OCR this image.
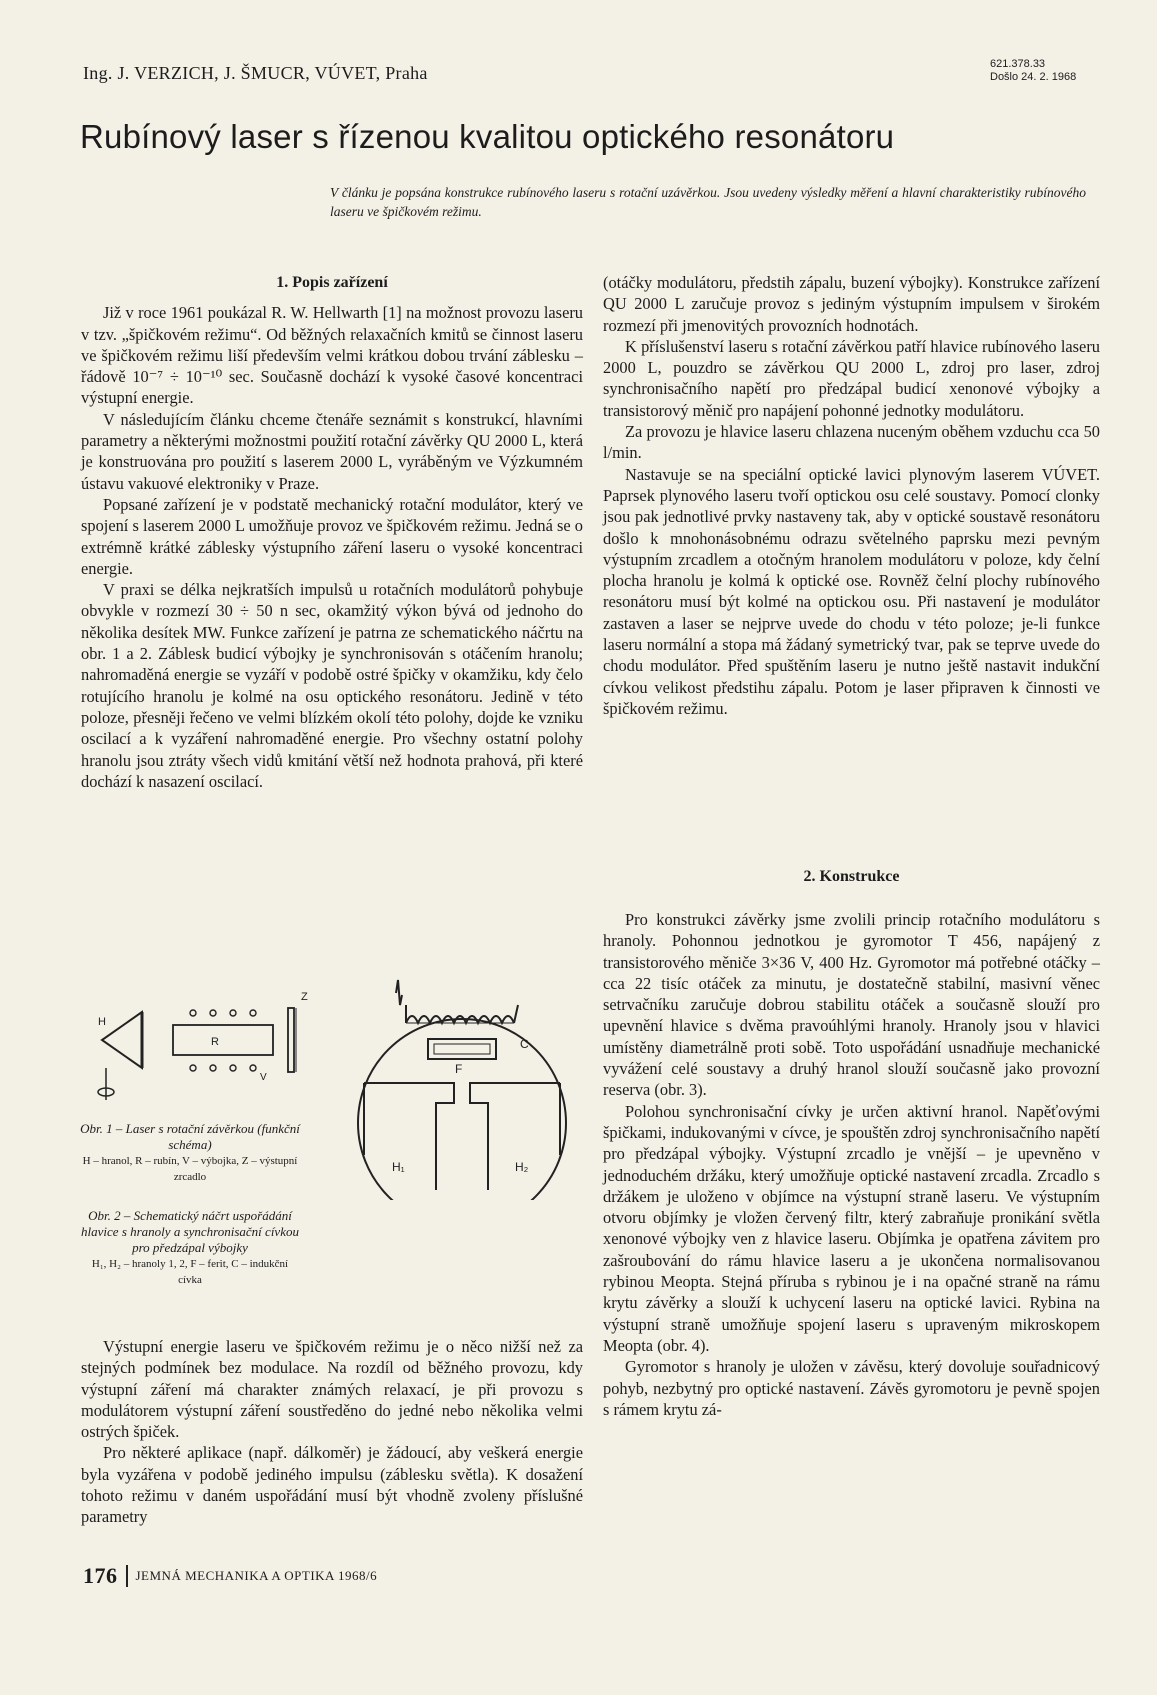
Ing. J. VERZICH, J. ŠMUCR, VÚVET, Praha	621.378.33
Došlo 24. 2. 1968
Rubínový laser s řízenou kvalitou optického resonátoru
V článku je popsána konstrukce rubínového laseru s rotační uzávěrkou. Jsou uvedeny výsledky měření a hlavní charakteristiky rubínového laseru ve špičkovém režimu.

1. Popis zařízení

Již v roce 1961 poukázal R. W. Hellwarth [1] na možnost provozu laseru v tzv. „špičkovém režimu“. Od běžných relaxačních kmitů se činnost laseru ve špičkovém režimu liší především velmi krátkou dobou trvání záblesku – řádově 10⁻⁷ ÷ 10⁻¹⁰ sec. Současně dochází k vysoké časové koncentraci výstupní energie.

V následujícím článku chceme čtenáře seznámit s konstrukcí, hlavními parametry a některými možnostmi použití rotační závěrky QU 2000 L, která je konstruována pro použití s laserem 2000 L, vyráběným ve Výzkumném ústavu vakuové elektroniky v Praze.

Popsané zařízení je v podstatě mechanický rotační modulátor, který ve spojení s laserem 2000 L umožňuje provoz ve špičkovém režimu. Jedná se o extrémně krátké záblesky výstupního záření laseru o vysoké koncentraci energie.

V praxi se délka nejkratších impulsů u rotačních modulátorů pohybuje obvykle v rozmezí 30 ÷ 50 n sec, okamžitý výkon bývá od jednoho do několika desítek MW. Funkce zařízení je patrna ze schematického náčrtu na obr. 1 a 2. Záblesk budicí výbojky je synchronisován s otáčením hranolu; nahromaděná energie se vyzáří v podobě ostré špičky v okamžiku, kdy čelo rotujícího hranolu je kolmé na osu optického resonátoru. Jedině v této poloze, přesněji řečeno ve velmi blízkém okolí této polohy, dojde ke vzniku oscilací a k vyzáření nahromaděné energie. Pro všechny ostatní polohy hranolu jsou ztráty všech vidů kmitání větší než hodnota prahová, při které dochází k nasazení oscilací.

H
R
V
Z
C
F
H₁	H₂
Obr. 1 – Laser s rotační závěrkou (funkční schéma)
H – hranol, R – rubín, V – výbojka, Z – výstupní zrcadlo
Obr. 2 – Schematický náčrt uspořádání hlavice s hranoly a synchronisační cívkou pro předzápal výbojky
H₁, H₂ – hranoly 1, 2, F – ferit, C – indukční cívka

Výstupní energie laseru ve špičkovém režimu je o něco nižší než za stejných podmínek bez modulace. Na rozdíl od běžného provozu, kdy výstupní záření má charakter známých relaxací, je při provozu s modulátorem výstupní záření soustředěno do jedné nebo několika velmi ostrých špiček.

Pro některé aplikace (např. dálkoměr) je žádoucí, aby veškerá energie byla vyzářena v podobě jediného impulsu (záblesku světla). K dosažení tohoto režimu v daném uspořádání musí být vhodně zvoleny příslušné parametry

(otáčky modulátoru, předstih zápalu, buzení výbojky). Konstrukce zařízení QU 2000 L zaručuje provoz s jediným výstupním impulsem v širokém rozmezí při jmenovitých provozních hodnotách.

K příslušenství laseru s rotační závěrkou patří hlavice rubínového laseru 2000 L, pouzdro se závěrkou QU 2000 L, zdroj pro laser, zdroj synchronisačního napětí pro předzápal budicí xenonové výbojky a transistorový měnič pro napájení pohonné jednotky modulátoru.

Za provozu je hlavice laseru chlazena nuceným oběhem vzduchu cca 50 l/min.

Nastavuje se na speciální optické lavici plynovým laserem VÚVET. Paprsek plynového laseru tvoří optickou osu celé soustavy. Pomocí clonky jsou pak jednotlivé prvky nastaveny tak, aby v optické soustavě resonátoru došlo k mnohonásobnému odrazu světelného paprsku mezi pevným výstupním zrcadlem a otočným hranolem modulátoru v poloze, kdy čelní plocha hranolu je kolmá k optické ose. Rovněž čelní plochy rubínového resonátoru musí být kolmé na optickou osu. Při nastavení je modulátor zastaven a laser se nejprve uvede do chodu v této poloze; je-li funkce laseru normální a stopa má žádaný symetrický tvar, pak se teprve uvede do chodu modulátor. Před spuštěním laseru je nutno ještě nastavit indukční cívkou velikost předstihu zápalu. Potom je laser připraven k činnosti ve špičkovém režimu.

2. Konstrukce

Pro konstrukci závěrky jsme zvolili princip rotačního modulátoru s hranoly. Pohonnou jednotkou je gyromotor T 456, napájený z transistorového měniče 3×36 V, 400 Hz. Gyromotor má potřebné otáčky – cca 22 tisíc otáček za minutu, je dostatečně stabilní, masivní věnec setrvačníku zaručuje dobrou stabilitu otáček a současně slouží pro upevnění hlavice s dvěma pravoúhlými hranoly. Hranoly jsou v hlavici umístěny diametrálně proti sobě. Toto uspořádání usnadňuje mechanické vyvážení celé soustavy a druhý hranol slouží současně jako provozní reserva (obr. 3).

Polohou synchronisační cívky je určen aktivní hranol. Napěťovými špičkami, indukovanými v cívce, je spouštěn zdroj synchronisačního napětí pro předzápal výbojky. Výstupní zrcadlo je vnější – je upevněno v jednoduchém držáku, který umožňuje optické nastavení zrcadla. Zrcadlo s držákem je uloženo v objímce na výstupní straně laseru. Ve výstupním otvoru objímky je vložen červený filtr, který zabraňuje pronikání světla xenonové výbojky ven z hlavice laseru. Objímka je opatřena závitem pro zašroubování do rámu hlavice laseru a je ukončena normalisovanou rybinou Meopta. Stejná příruba s rybinou je i na opačné straně na rámu krytu závěrky a slouží k uchycení laseru na optické lavici. Rybina na výstupní straně umožňuje spojení laseru s upraveným mikroskopem Meopta (obr. 4).

Gyromotor s hranoly je uložen v závěsu, který dovoluje souřadnicový pohyb, nezbytný pro optické nastavení. Závěs gyromotoru je pevně spojen s rámem krytu zá-

176 JEMNÁ MECHANIKA A OPTIKA 1968/6
